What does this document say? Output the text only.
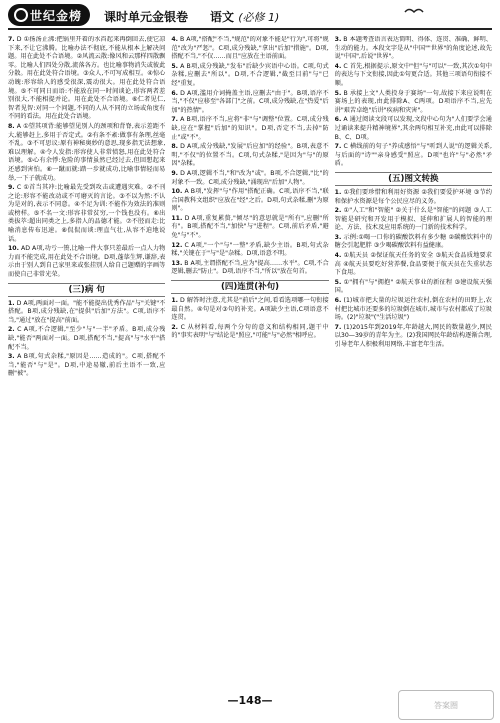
世纪金榜 课时单元金银卷 语文 (必修 1)

7. D ①扬汤止沸:把锅里开着的水舀起来再倒回去,使它凉下来,不让它沸腾。比喻办法不彻底,不能从根本上解决问题。用在此处不合语境。②风流云散:像风和云那样四散飘零。比喻人们四处分散,流落各方。也比喻事物消失或彼此分散。用在此处符合语境。③众人,不可写成相互。④惊心动魄:形容给人的感受很深,震动很大。用在此处符合语境。⑤不可同日而语:不能放在同一时间谈论,形容两者差别很大,不能相提并论。用在此处不合语境。⑥仁者见仁,智者见智:对同一个问题,不同的人从不同的立场或角度有不同的看法。用在此处合语境。

8. A ①望其项背:能够望见别人的颈项和背脊,表示差距不大,能够赶上,多用于否定式。②有条不紊:做事有条理,丝毫不乱。③不可思议:原有神秘奥妙的意思,现多指无法想象,难以理解。④令人发指:形容使人非常愤怒,用在此处符合语境。⑤心有余悸:危险的事情虽然已经过去,但回想起来还感到害怕。⑥一蹴而就:踏一步就成功,比喻事情轻而易举,一下子就成功。

9. C ①首当其冲:比喻最先受到攻击或遭遇灾难。②不刊之论:形容不能改动或不可磨灭的言论。③不以为然:不认为是对的,表示不同意。④不足为训:不能作为效法的准则或榜样。⑤不名一文:形容非常贫穷,一个钱也没有。⑥出类拔萃:超出同类之上,多指人的品德才能。⑦不胫而走:比喻消息传布迅速。⑧侃侃而谈:理直气壮,从容不迫地说话。

10. AD A项,功亏一篑,比喻一件大事只差最后一点人力物力而不能完成,用在此处不合语境。D项,蓬荜生辉,谦辞,表示由于别人到自己家里来或张挂别人给自己题赠的字画等而使自己非常光荣。

(三)病 句

1. D A项,两面对一面。"能不能提出优秀作品"与"关键"不搭配。B项,成分残缺,在"提供"后加"方法"。C项,语序不当,"通过"放在"提高"前面。

2. C A项,不合逻辑,"至少"与"一半"矛盾。B项,成分残缺,"能否"两面对一面。D项,搭配不当,"提高"与"水平"搭配不当。

3. A B项,句式杂糅,"原因是……造成的"。C项,搭配不当,"能否"与"是"。D项,中途易辙,前后主语不一致,应删"被"。

4. B A项,"搭配"不当,"规范"的对象不能是"行为",可将"规范"改为"严惩"。C项,成分残缺,"拿出"后加"措施"。D项,搭配不当,"不仅……而且"应放在主语前面。

5. A B项,成分残缺,"发布"后缺少宾语中心语。C项,句式杂糅,应删去"所以"。D项,不合逻辑,"截至目前"与"已经"重复。

6. D A项,滥用介词掩盖主语,应删去"由于"。B项,语序不当,"不仅"应移至"各部门"之前。C项,成分残缺,在"热爱"后加"的热情"。

7. A B项,语序不当,应将"非"与"调整"位置。C项,成分残缺,应在"掌握"后加"的知识"。D项,否定不当,去掉"防止"或"不"。

8. D A项,成分残缺,"发展"后应加"的经验"。B项,表意不明,"不仅"的位置不当。C项,句式杂糅,"是因为"与"的原因"杂糅。

9. D A项,逻辑不当,"和"改为"或"。B项,不合逻辑,"比"的对象不一致。C项,成分残缺,"涌现出"后加"人物"。

10. A B项,"发挥"与"作用"搭配正确。C项,语序不当,"联合国教科文组织"应放在"经"之后。D项,句式杂糅,删"为原则"。

11. D A项,重复累赘,"倾尽"的意思就是"所有",应删"所有"。B项,搭配不当,"加快"与"进程"。C项,前后矛盾,"避免"与"不"。

12. C A项,"一个"与"一整"矛盾,缺少主语。B项,句式杂糅,"关键在于"与"是"杂糅。D项,语意不明。

13. B A项,主谓搭配不当,应为"提高……水平"。C项,不合逻辑,删去"防止"。D项,语序不当,"所以"放在句首。

(四)连贯(补句)

1. D 解答时注意,尤其是"前后"之间,看看选项哪一句衔接最自然。④句是对③句的补充。A项缺少主语,C项语意不连贯。

2. C 从材料看,每两个分句的意义和结构相同,题干中的"事实表明"与"结论是"照应,"可能"与"必然"相呼应。

3. B 本题考查语言表达简明、得体、连贯、准确、鲜明、生动的能力。本段文字是从"中国""世界"的角度论述,故先说"中国",后说"世界"。

4. C 首先,根据提示,原文中"但"与"可以"一致,其次①句中的表达与下文衔接,因此①句更合适。其他三项语句衔接不顺。

5. B 承接上文"人类投身于赛场"一句,故接下来应说明在赛场上的表现,由此排除A、C两项。D项语序不当,应先讲"艰苦卓绝"后讲"疾病和灾害"。

6. A 通过阅读文段可以发现,文段中心句为"人们要学会通过诵读来提升精神境界",其余两句相互补充,由此可以排除B、C、D项。

7. C 横线前的句子"养成感悟"与"听到人说"的逻辑关系,与后面的"诗""亲身感受"照应。D项"也许"与"必然"矛盾。

(五)图文转换

1. ①我们要珍惜和利用好资源 ②我们要爱护环境 ③节约和保护水资源是每个公民应尽的义务。

2. ①"人工"和"智能" ②关于什么是"智能"的问题 ③人工智能是研究和开发用于模拟、延伸和扩展人的智能的理论、方法、技术及应用系统的一门新的技术科学。

3. 示例:①喝一口你的碳酸饮料有多少糖 ②碳酸饮料中的糖会引起肥胖 ③少喝碳酸饮料有益健康。

4. ①航天员 ②保证航天任务的安全 ③航天食品质地要求高 ④航天员要吃好营养餐,食品要便于航天员在失重状态下食用。

5. ①"拥有"与"拥抱" ②航天事业的新征程 ③建设航天强国。

6. (1)城市把大量的垃圾运往农村,倒在农村的田野上,农村把比城市还要多的垃圾倒在城市,城市与农村都成了垃圾场。(2)"垃圾"("生活垃圾")

7. (1)2015年到2019年,年龄越大,网民的数量越少,网民以30—39岁的青年为主。(2)我国网民年龄结构逐渐合理,引导老年人积极利用网络,丰富老年生活。

—148—	答案圈
